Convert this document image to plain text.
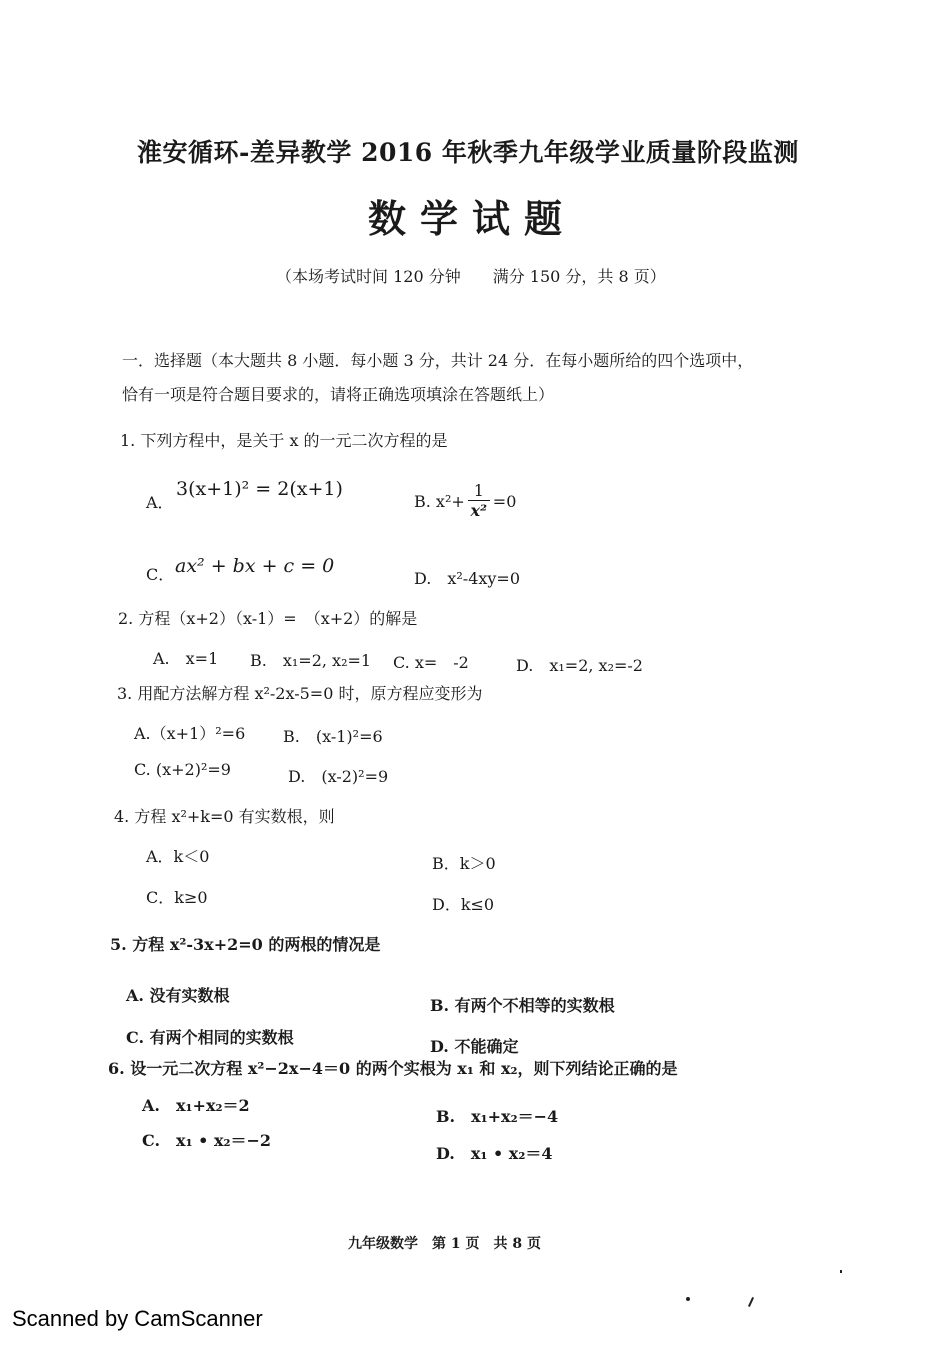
淮安循环-差异教学 2016 年秋季九年级学业质量阶段监测
数学试题
（本场考试时间 120 分钟　　满分 150 分，共 8 页）
一．选择题（本大题共 8 小题．每小题 3 分，共计 24 分．在每小题所给的四个选项中，
恰有一项是符合题目要求的，请将正确选项填涂在答题纸上）
1. 下列方程中，是关于 x 的一元二次方程的是
A．
3(x+1)² = 2(x+1)
B. $x^2+ \frac{1}{\text{x²}} =0$
C． ax² + bx + c = 0
D.　x²-4xy=0
2. 方程（x+2）（x-1）=　（x+2）的解是
A.　x=1 B.　x₁=2, x₂=1 C. x=　-2	D.　x₁=2, x₂=-2
3. 用配方法解方程 x²-2x-5=0 时，原方程应变形为
A.（x+1）²=6 B.　(x-1)²=6
C. (x+2)²=9	D.　(x-2)²=9
4. 方程 x²+k=0 有实数根，则
A．k＜0	B．k＞0
C．k≥0	D．k≤0
5. 方程 x²-3x+2=0 的两根的情况是
A. 没有实数根
B. 有两个不相等的实数根
C. 有两个相同的实数根	D. 不能确定
6. 设一元二次方程 x²−2x−4＝0 的两个实根为 x₁ 和 x₂，则下列结论正确的是
A.　x₁+x₂＝2
B.　x₁+x₂＝−4
C.　x₁ • x₂＝−2
D.　x₁ • x₂＝4
九年级数学　第 1 页　共 8 页
Scanned by CamScanner
